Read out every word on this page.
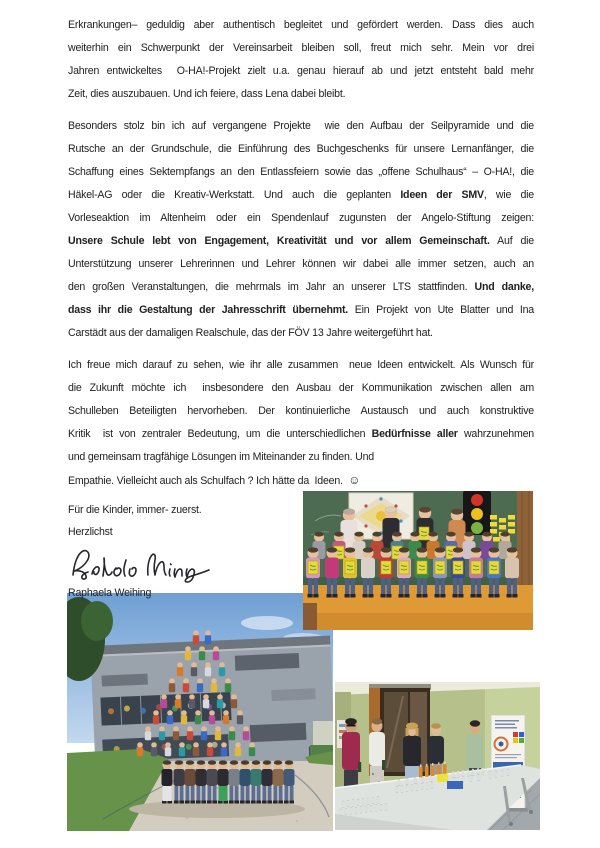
Erkrankungen– geduldig aber authentisch begleitet und gefördert werden. Dass dies auch
weiterhin ein Schwerpunkt der Vereinsarbeit bleiben soll, freut mich sehr. Mein vor drei
Jahren entwickeltes  O-HA!-Projekt zielt u.a. genau hierauf ab und jetzt entsteht bald mehr
Zeit, dies auszubauen. Und ich feiere, dass Lena dabei bleibt.
Besonders stolz bin ich auf vergangene Projekte  wie den Aufbau der Seilpyramide und die
Rutsche an der Grundschule, die Einführung des Buchgeschenks für unsere Lernanfänger, die
Schaffung eines Sektempfangs an den Entlassfeiern sowie das „offene Schulhaus“ – O-HA!, die
Häkel-AG oder die Kreativ-Werkstatt. Und auch die geplanten Ideen der SMV, wie die
Vorleseaktion im Altenheim oder ein Spendenlauf zugunsten der Angelo-Stiftung zeigen:
Unsere Schule lebt von Engagement, Kreativität und vor allem Gemeinschaft. Auf die
Unterstützung unserer Lehrerinnen und Lehrer können wir dabei alle immer setzen, auch an
den großen Veranstaltungen, die mehrmals im Jahr an unserer LTS stattfinden. Und danke,
dass ihr die Gestaltung der Jahresschrift übernehmt. Ein Projekt von Ute Blatter und Ina
Carstädt aus der damaligen Realschule, das der FÖV 13 Jahre weitergeführt hat.
Ich freue mich darauf zu sehen, wie ihr alle zusammen  neue Ideen entwickelt. Als Wunsch für
die Zukunft möchte ich  insbesondere den Ausbau der Kommunikation zwischen allen am
Schulleben Beteiligten hervorheben. Der kontinuierliche Austausch und auch konstruktive
Kritik  ist von zentraler Bedeutung, um die unterschiedlichen Bedürfnisse aller wahrzunehmen
und gemeinsam tragfähige Lösungen im Miteinander zu finden. Und
Empathie. Vielleicht auch als Schulfach ? Ich hätte da  Ideen.  ☺
Für die Kinder, immer- zuerst.
Herzlichst
Raphaela Weihing
